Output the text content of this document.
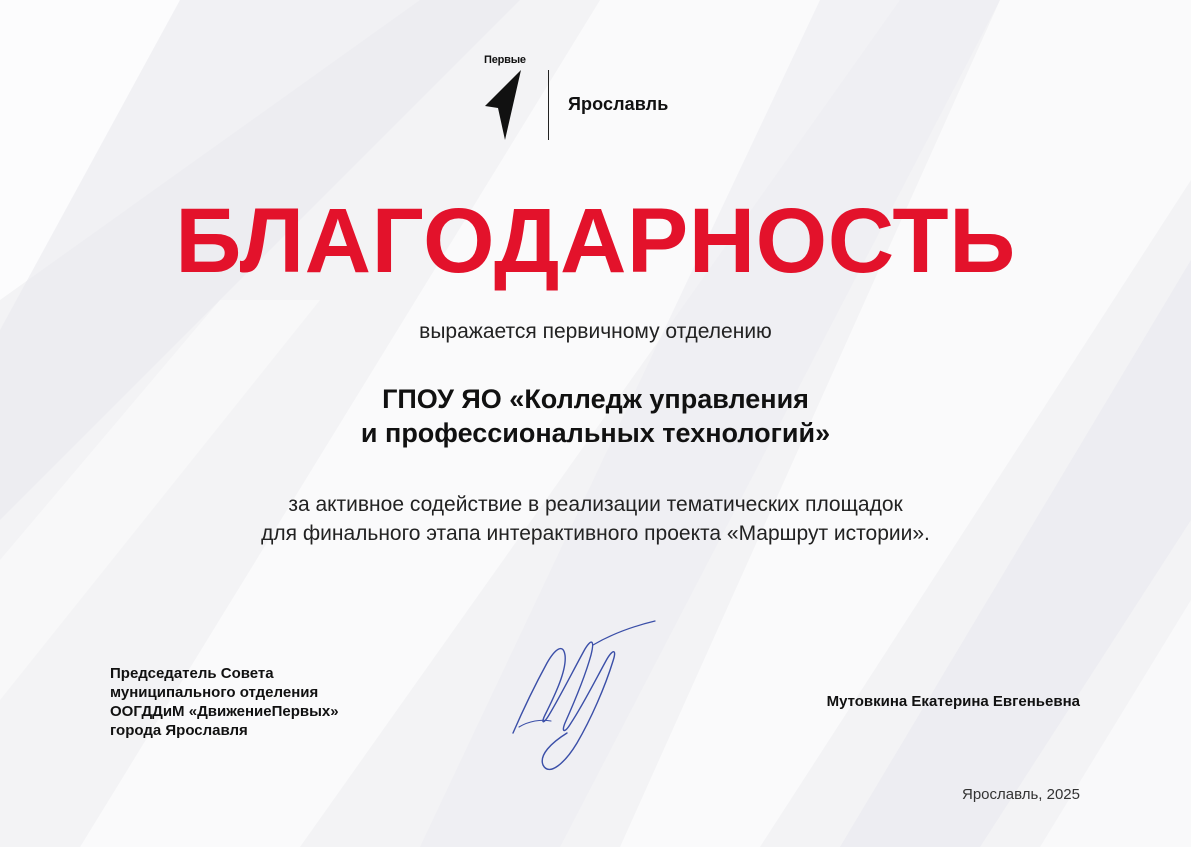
Первые
Ярославль
БЛАГОДАРНОСТЬ
выражается первичному отделению
ГПОУ ЯО «Колледж управления
и профессиональных технологий»
за активное содействие в реализации тематических площадок
для финального этапа интерактивного проекта «Маршрут истории».
Председатель Совета
муниципального отделения
ООГДДиМ «ДвижениеПервых»
города Ярославля
Мутовкина Екатерина Евгеньевна
Ярославль, 2025
